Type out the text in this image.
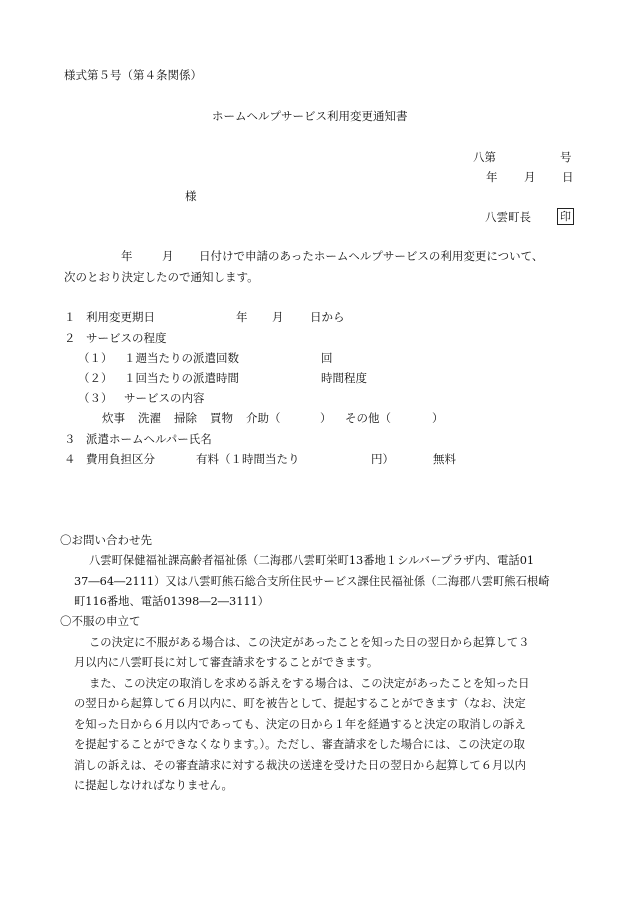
様式第５号（第４条関係）
ホームヘルプサービス利用変更通知書
八第	号
年 月 日
様
八雲町長	印
年	月 日付けで申請のあったホームヘルプサービスの利用変更について、
次のとおり決定したので通知します。
１ 利用変更期日	年 月 日から
２ サービスの程度
（１） １週当たりの派遣回数	回
（２） １回当たりの派遣時間	時間程度
（３） サービスの内容
炊事 洗濯 掃除 買物 介助（	） その他（	）
３ 派遣ホームヘルパー氏名
４ 費用負担区分	有料（１時間当たり	円）	無料
〇お問い合わせ先
八雲町保健福祉課高齢者福祉係（二海郡八雲町栄町13番地１シルバープラザ内、電話01
37―64―2111）又は八雲町熊石総合支所住民サービス課住民福祉係（二海郡八雲町熊石根崎
町116番地、電話01398―2―3111）
〇不服の申立て
この決定に不服がある場合は、この決定があったことを知った日の翌日から起算して３
月以内に八雲町長に対して審査請求をすることができます。
また、この決定の取消しを求める訴えをする場合は、この決定があったことを知った日
の翌日から起算して６月以内に、町を被告として、提起することができます（なお、決定
を知った日から６月以内であっても、決定の日から１年を経過すると決定の取消しの訴え
を提起することができなくなります。）。ただし、審査請求をした場合には、この決定の取
消しの訴えは、その審査請求に対する裁決の送達を受けた日の翌日から起算して６月以内
に提起しなければなりません。
